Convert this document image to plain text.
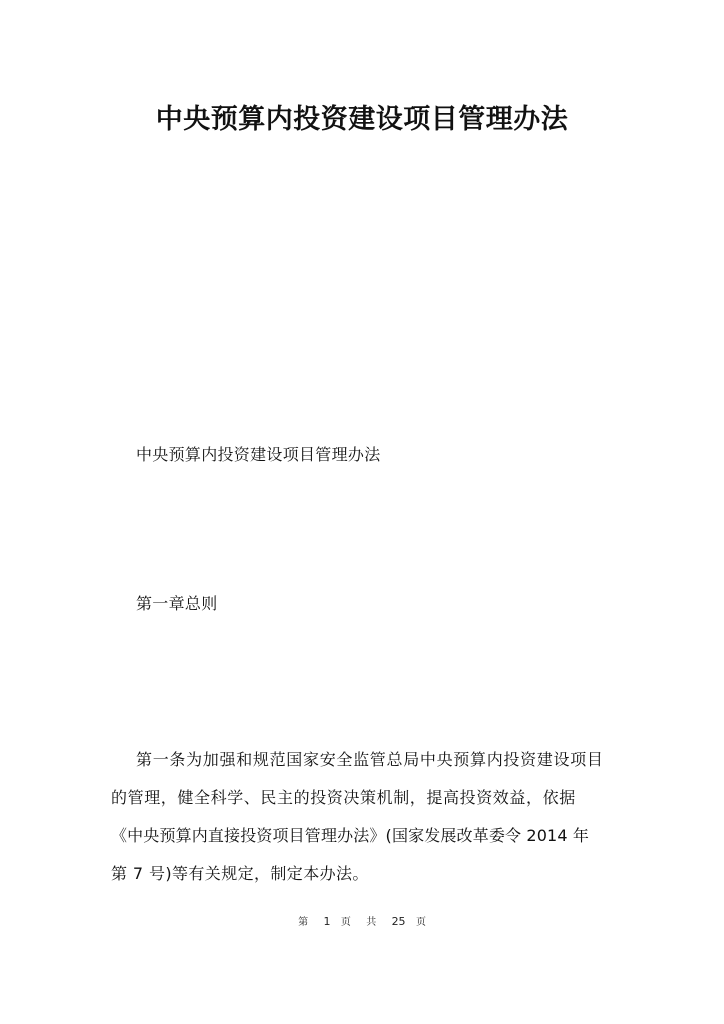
中央预算内投资建设项目管理办法

中央预算内投资建设项目管理办法

第一章总则

第一条为加强和规范国家安全监管总局中央预算内投资建设项目
的管理，健全科学、民主的投资决策机制，提高投资效益，依据
《中央预算内直接投资项目管理办法》(国家发展改革委令 2014 年
第 7 号)等有关规定，制定本办法。
第 1 页 共 25 页
